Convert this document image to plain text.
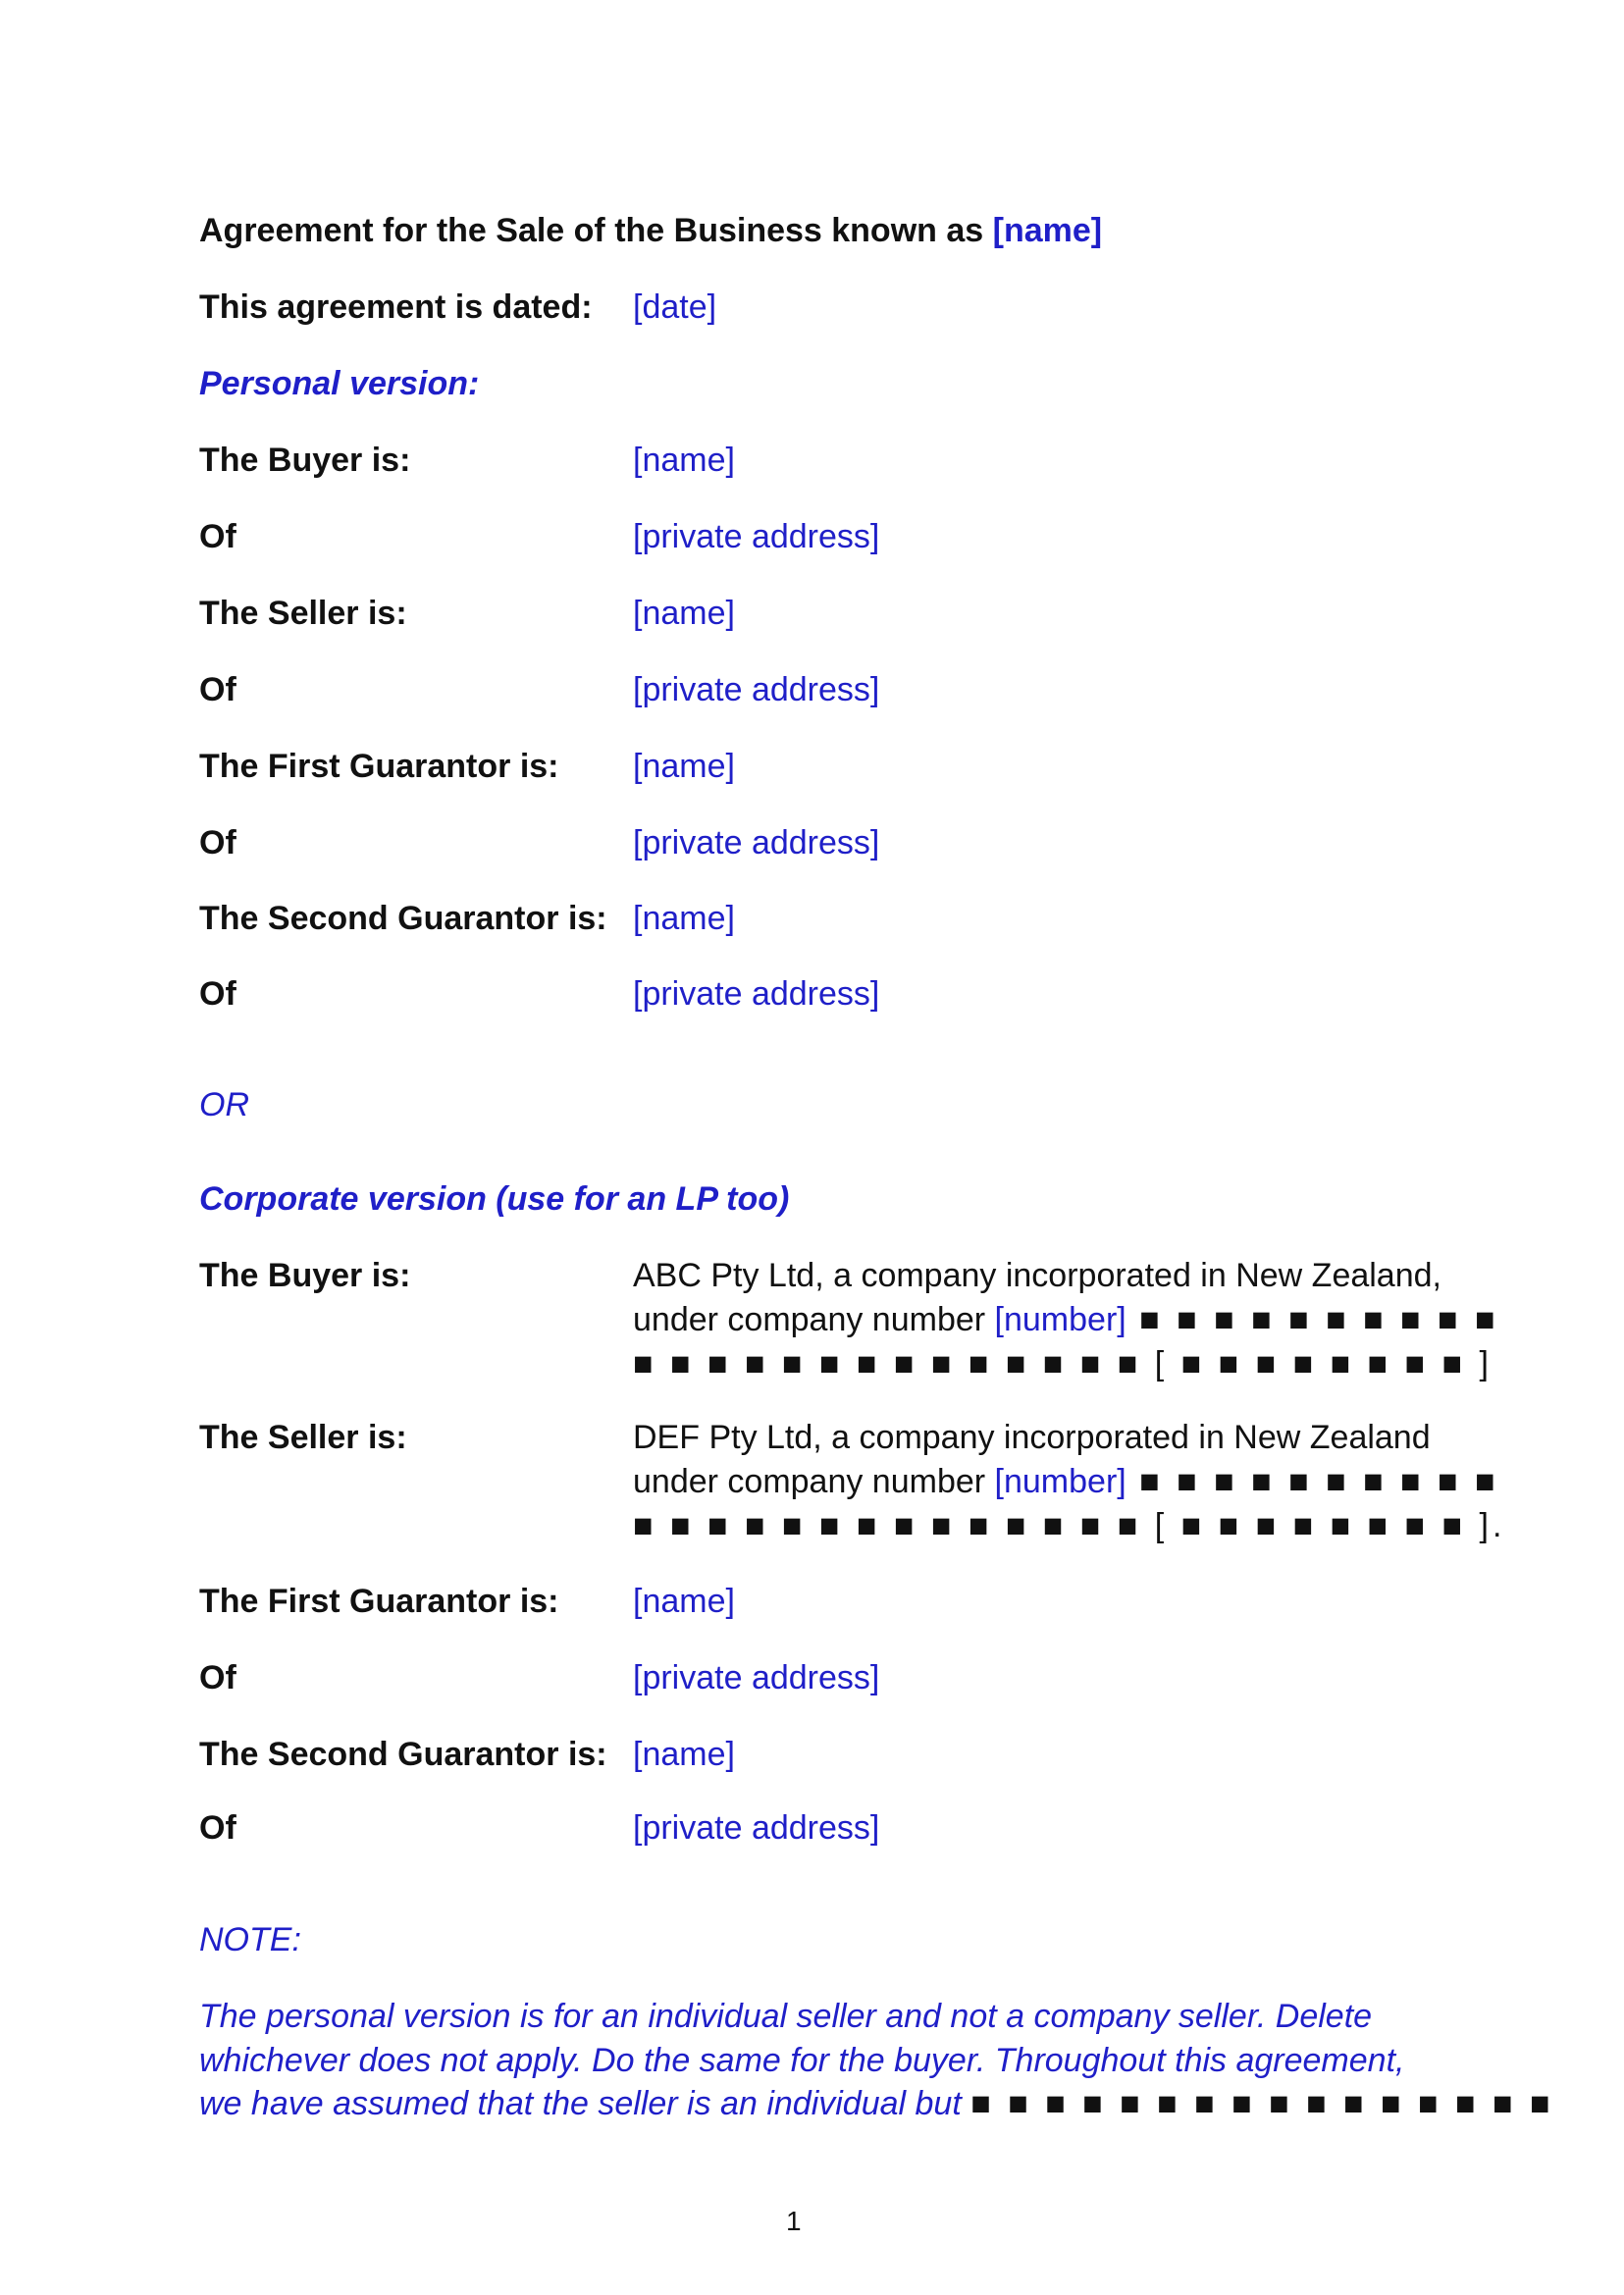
Agreement for the Sale of the Business known as [name]
This agreement is dated: [date]
Personal version:
The Buyer is:	[name]
Of	[private address]
The Seller is:	[name]
Of	[private address]
The First Guarantor is: [name]
Of	[private address]
The Second Guarantor is: [name]
Of	[private address]
OR
Corporate version (use for an LP too)
The Buyer is:	ABC Pty Ltd, a company incorporated in New Zealand,
under company number [number] ■ ■ ■ ■ ■ ■ ■ ■ ■ ■
■ ■ ■ ■ ■ ■ ■ ■ ■ ■ ■ ■ ■ ■ [ ■ ■ ■ ■ ■ ■ ■ ■ ]
The Seller is:	DEF Pty Ltd, a company incorporated in New Zealand
under company number [number] ■ ■ ■ ■ ■ ■ ■ ■ ■ ■
■ ■ ■ ■ ■ ■ ■ ■ ■ ■ ■ ■ ■ ■ [ ■ ■ ■ ■ ■ ■ ■ ■ ].
The First Guarantor is: [name]
Of	[private address]
The Second Guarantor is: [name]
Of	[private address]
NOTE:
The personal version is for an individual seller and not a company seller. Delete
whichever does not apply. Do the same for the buyer. Throughout this agreement,
we have assumed that the seller is an individual but ■ ■ ■ ■ ■ ■ ■ ■ ■ ■ ■ ■ ■ ■ ■ ■
1
